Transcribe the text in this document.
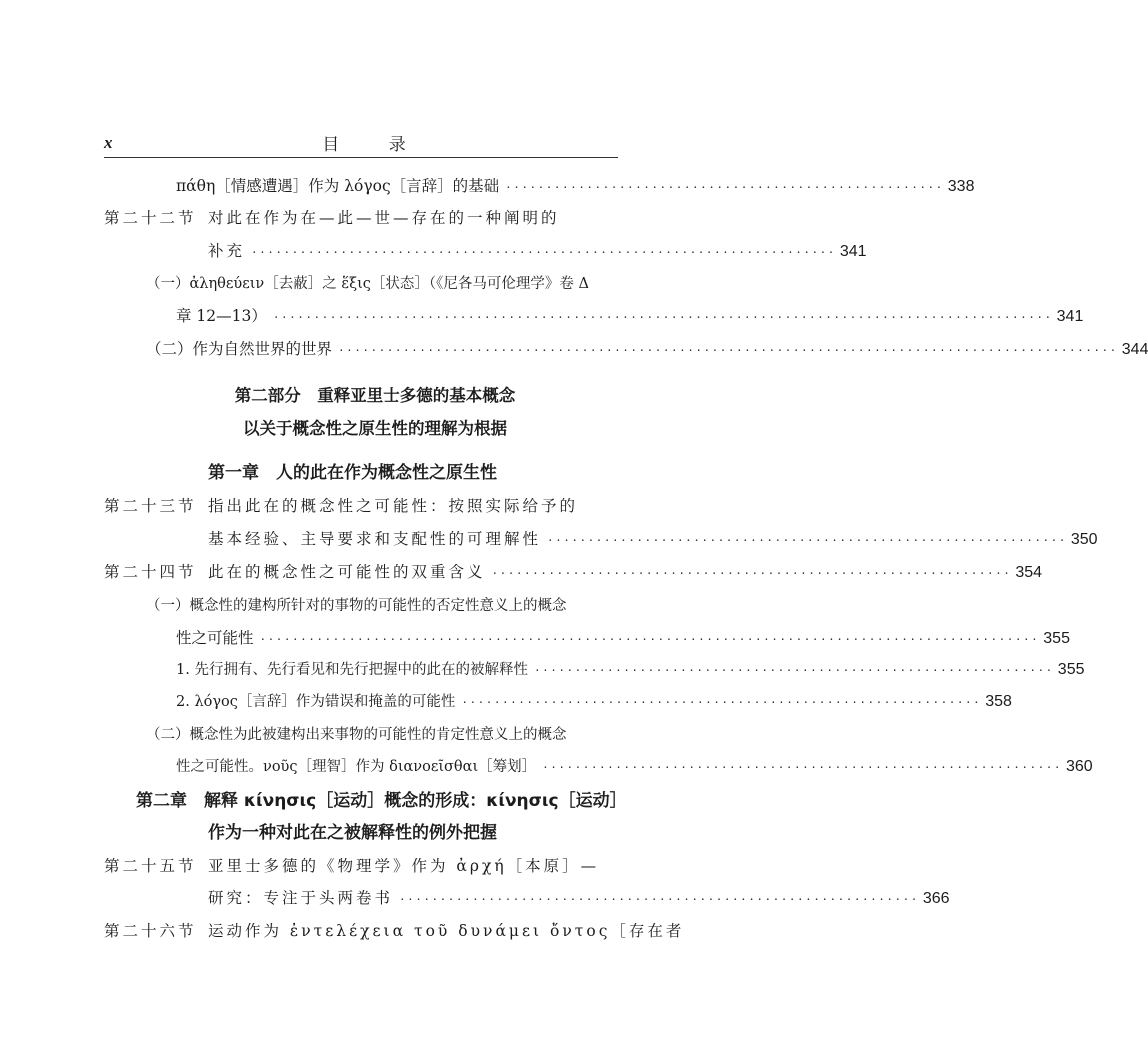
x	目 录
πάθη［情感遭遇］作为 λόγος［言辞］的基础 ······················································ 338
第二十二节 对此在作为在—此—世—存在的一种阐明的
补充 ········································································ 341
（一）ἀληθεύειν［去蔽］之 ἕξις［状态］（《尼各马可伦理学》卷 Δ
章 12—13） ································································································ 341
（二）作为自然世界的世界 ································································································ 344
第二部分　重释亚里士多德的基本概念
以关于概念性之原生性的理解为根据
第一章　人的此在作为概念性之原生性
第二十三节 指出此在的概念性之可能性：按照实际给予的
基本经验、主导要求和支配性的可理解性 ································································ 350
第二十四节 此在的概念性之可能性的双重含义 ································································ 354
（一）概念性的建构所针对的事物的可能性的否定性意义上的概念
性之可能性 ································································································ 355
1. 先行拥有、先行看见和先行把握中的此在的被解释性 ································································ 355
2. λόγος［言辞］作为错误和掩盖的可能性 ································································ 358
（二）概念性为此被建构出来事物的可能性的肯定性意义上的概念
性之可能性。νοῦς［理智］作为 διανοεῖσθαι［筹划］ ································································ 360
第二章　解释 κίνησις［运动］概念的形成：κίνησις［运动］
作为一种对此在之被解释性的例外把握
第二十五节 亚里士多德的《物理学》作为 ἀρχή［本原］—
研究：专注于头两卷书 ································································ 366
第二十六节 运动作为 ἐντελέχεια τοῦ δυνάμει ὄντος［存在者
